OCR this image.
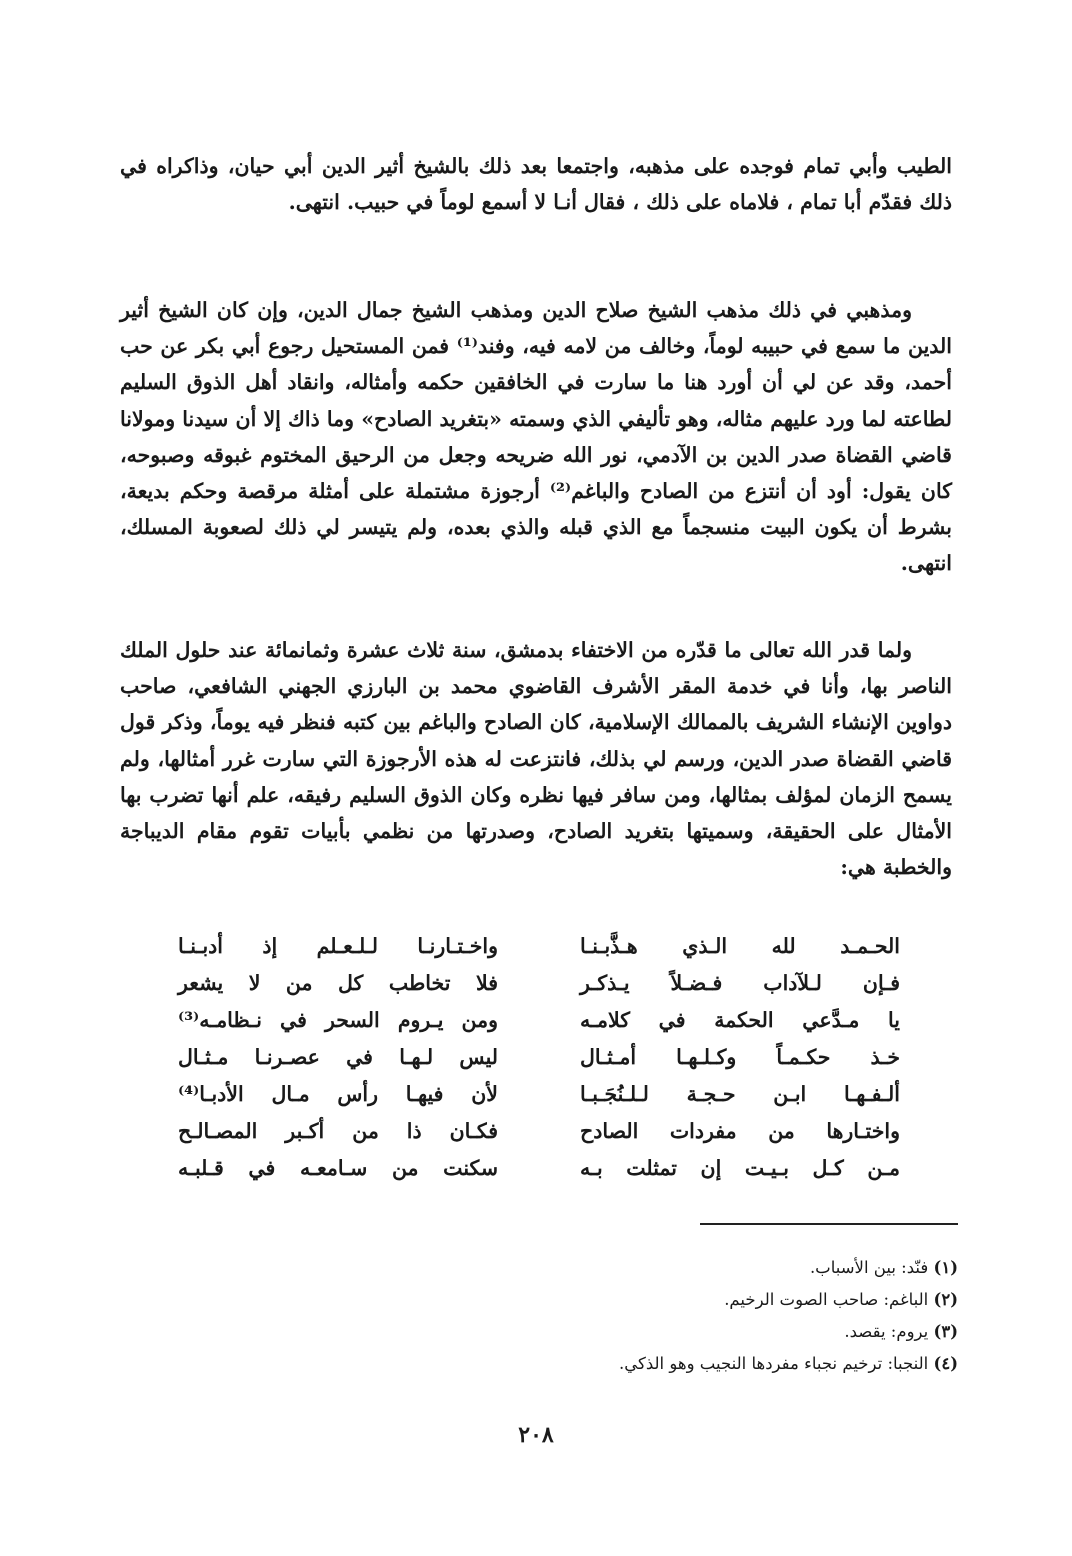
الطيب وأبي تمام فوجده على مذهبه، واجتمعا بعد ذلك بالشيخ أثير الدين أبي حيان، وذاكراه في ذلك فقدّم أبا تمام ، فلاماه على ذلك ، فقال أنـا لا أسمع لوماً في حبيب. انتهى.

ومذهبي في ذلك مذهب الشيخ صلاح الدين ومذهب الشيخ جمال الدين، وإن كان الشيخ أثير الدين ما سمع في حبيبه لوماً، وخالف من لامه فيه، وفند⁽¹⁾ فمن المستحيل رجوع أبي بكر عن حب أحمد، وقد عن لي أن أورد هنا ما سارت في الخافقين حكمه وأمثاله، وانقاد أهل الذوق السليم لطاعته لما ورد عليهم مثاله، وهو تأليفي الذي وسمته «بتغريد الصادح» وما ذاك إلا أن سيدنا ومولانا قاضي القضاة صدر الدين بن الآدمي، نور الله ضريحه وجعل من الرحيق المختوم غبوقه وصبوحه، كان يقول: أود أن أنتزع من الصادح والباغم⁽²⁾ أرجوزة مشتملة على أمثلة مرقصة وحكم بديعة، بشرط أن يكون البيت منسجماً مع الذي قبله والذي بعده، ولم يتيسر لي ذلك لصعوبة المسلك، انتهى.

ولما قدر الله تعالى ما قدّره من الاختفاء بدمشق، سنة ثلاث عشرة وثمانمائة عند حلول الملك الناصر بها، وأنا في خدمة المقر الأشرف القاضوي محمد بن البارزي الجهني الشافعي، صاحب دواوين الإنشاء الشريف بالممالك الإسلامية، كان الصادح والباغم بين كتبه فنظر فيه يوماً، وذكر قول قاضي القضاة صدر الدين، ورسم لي بذلك، فانتزعت له هذه الأرجوزة التي سارت غرر أمثالها، ولم يسمح الزمان لمؤلف بمثالها، ومن سافر فيها نظره وكان الذوق السليم رفيقه، علم أنها تضرب بها الأمثال على الحقيقة، وسميتها بتغريد الصادح، وصدرتها من نظمي بأبيات تقوم مقام الديباجة والخطبة هي:

الحـمـد لله الـذي هـذَّبـنـا
واخـتـارنـا لـلـعـلم إذ أدبـنـا
فـإن لـلآداب فـضـلاً يـذكـر
فلا تخاطب كل من لا يشعر
يا مـدَّعي الحكمة في كلامـه
ومن يـروم السحر في نـظامـه⁽³⁾
خـذ حكـمـاً وكـلـهـا أمـثـال
ليس لـهـا في عصـرنـا مـثـال
ألـفـهـا ابـن حـجـة لـلـنُجَـبـا
لأن فيهـا رأس مـال الأدبـا⁽⁴⁾
واختـارها من مفردات الصادح
فكـان ذا من أكـبر المصـالـح
مـن كـل بـيـت إن تمثلت بـه
سكنت من سـامعـه في قـلبـه
(١) فنّد: بين الأسباب.
(٢) الباغم: صاحب الصوت الرخيم.
(٣) يروم: يقصد.
(٤) النجبا: ترخيم نجباء مفردها النجيب وهو الذكي.
٢٠٨
